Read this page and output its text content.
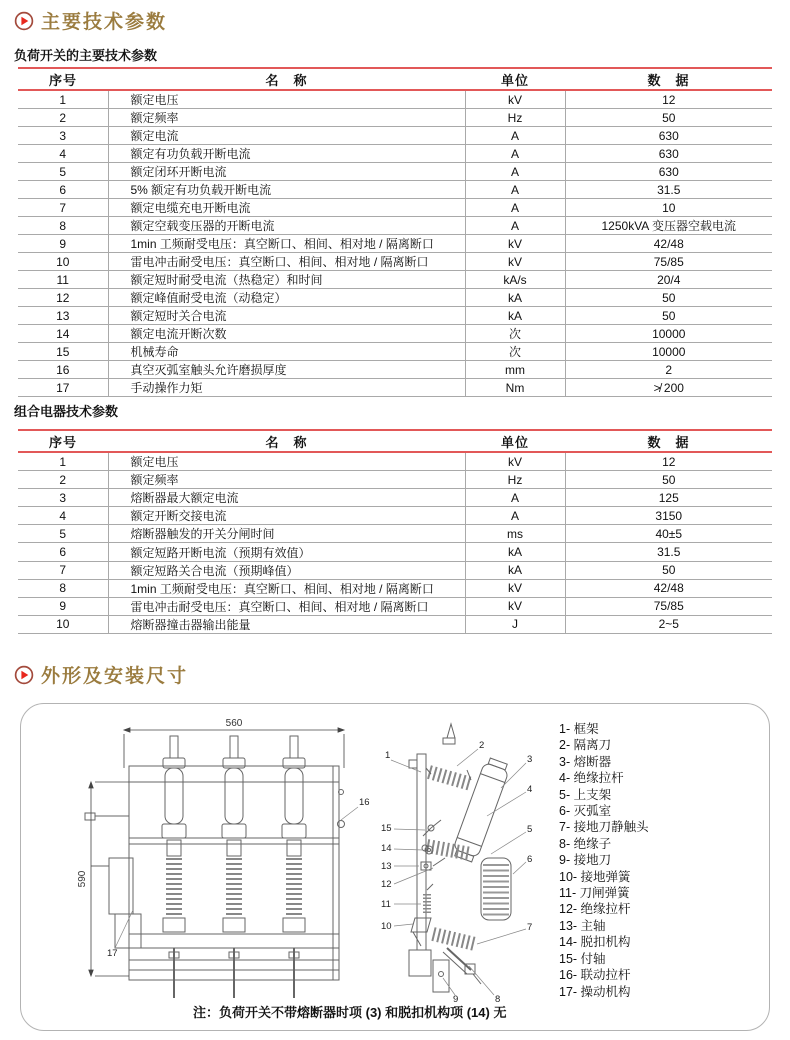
主要技术参数
负荷开关的主要技术参数
序号	名　称	单位	数　据
1	额定电压	kV	12
2	额定频率	Hz	50
3	额定电流	A	630
4	额定有功负载开断电流	A	630
5	额定闭环开断电流	A	630
6	5% 额定有功负载开断电流	A	31.5
7	额定电缆充电开断电流	A	10
8	额定空载变压器的开断电流	A	1250kVA 变压器空载电流
9	1min 工频耐受电压：真空断口、相间、相对地 / 隔离断口	kV	42/48
10	雷电冲击耐受电压：真空断口、相间、相对地 / 隔离断口	kV	75/85
11	额定短时耐受电流（热稳定）和时间	kA/s	20/4
12	额定峰值耐受电流（动稳定）	kA	50
13	额定短时关合电流	kA	50
14	额定电流开断次数	次	10000
15	机械寿命	次	10000
16	真空灭弧室触头允许磨损厚度	mm	2
17	手动操作力矩	Nm	≯ 200
组合电器技术参数
序号	名　称	单位	数　据
1	额定电压	kV	12
2	额定频率	Hz	50
3	熔断器最大额定电流	A	125
4	额定开断交接电流	A	3150
5	熔断器触发的开关分闸时间	ms	40±5
6	额定短路开断电流（预期有效值）	kA	31.5
7	额定短路关合电流（预期峰值）	kA	50
8	1min 工频耐受电压：真空断口、相间、相对地 / 隔离断口	kV	42/48
9	雷电冲击耐受电压：真空断口、相间、相对地 / 隔离断口	kV	75/85
10	熔断器撞击器输出能量	J	2~5
外形及安装尺寸
560
590
16
17
1
2
3
4
5
6
7
8
9
10
11
12
13
14
15
1- 框架
2- 隔离刀
3- 熔断器
4- 绝缘拉杆
5- 上支架
6- 灭弧室
7- 接地刀静触头
8- 绝缘子
9- 接地刀
10- 接地弹簧
11- 刀闸弹簧
12- 绝缘拉杆
13- 主轴
14- 脱扣机构
15- 付轴
16- 联动拉杆
17- 操动机构
注：负荷开关不带熔断器时项 (3) 和脱扣机构项 (14) 无
